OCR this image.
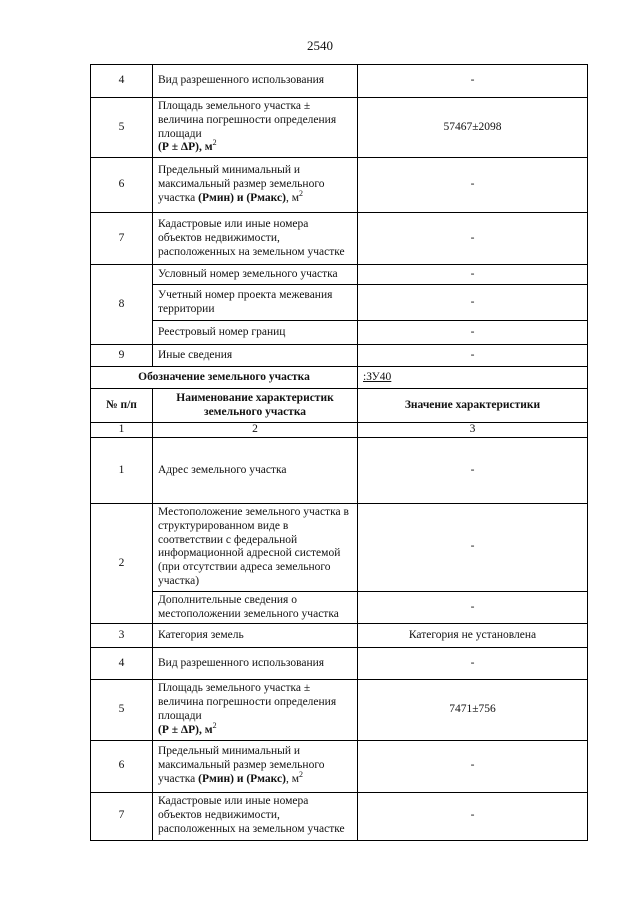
2540
4	Вид разрешенного использования	-
5	Площадь земельного участка ±
величина погрешности определения
площади
(Р ± ΔР), $м^2$	57467±2098
6	Предельный минимальный и
максимальный размер земельного
участка (Рмин) и (Рмакс), $м^2$	-
7	Кадастровые или иные номера объектов недвижимости, расположенных на земельном участке	-
8	Условный номер земельного участка	-
	Учетный номер проекта межевания территории	-
	Реестровый номер границ	-
9	Иные сведения	-
Обозначение земельного участка		:ЗУ40
№ п/п	Наименование характеристик земельного участка	Значение характеристики
1	2	3
1	Адрес земельного участка	-
2	Местоположение земельного участка в структурированном виде в соответствии с федеральной информационной адресной системой (при отсутствии адреса земельного участка)	-
	Дополнительные сведения о местоположении земельного участка	-
3	Категория земель	Категория не установлена
4	Вид разрешенного использования	-
5	Площадь земельного участка ±
величина погрешности определения
площади
(Р ± ΔР), $м^2$	7471±756
6	Предельный минимальный и
максимальный размер земельного
участка (Рмин) и (Рмакс), $м^2$	-
7	Кадастровые или иные номера объектов недвижимости, расположенных на земельном участке	-
